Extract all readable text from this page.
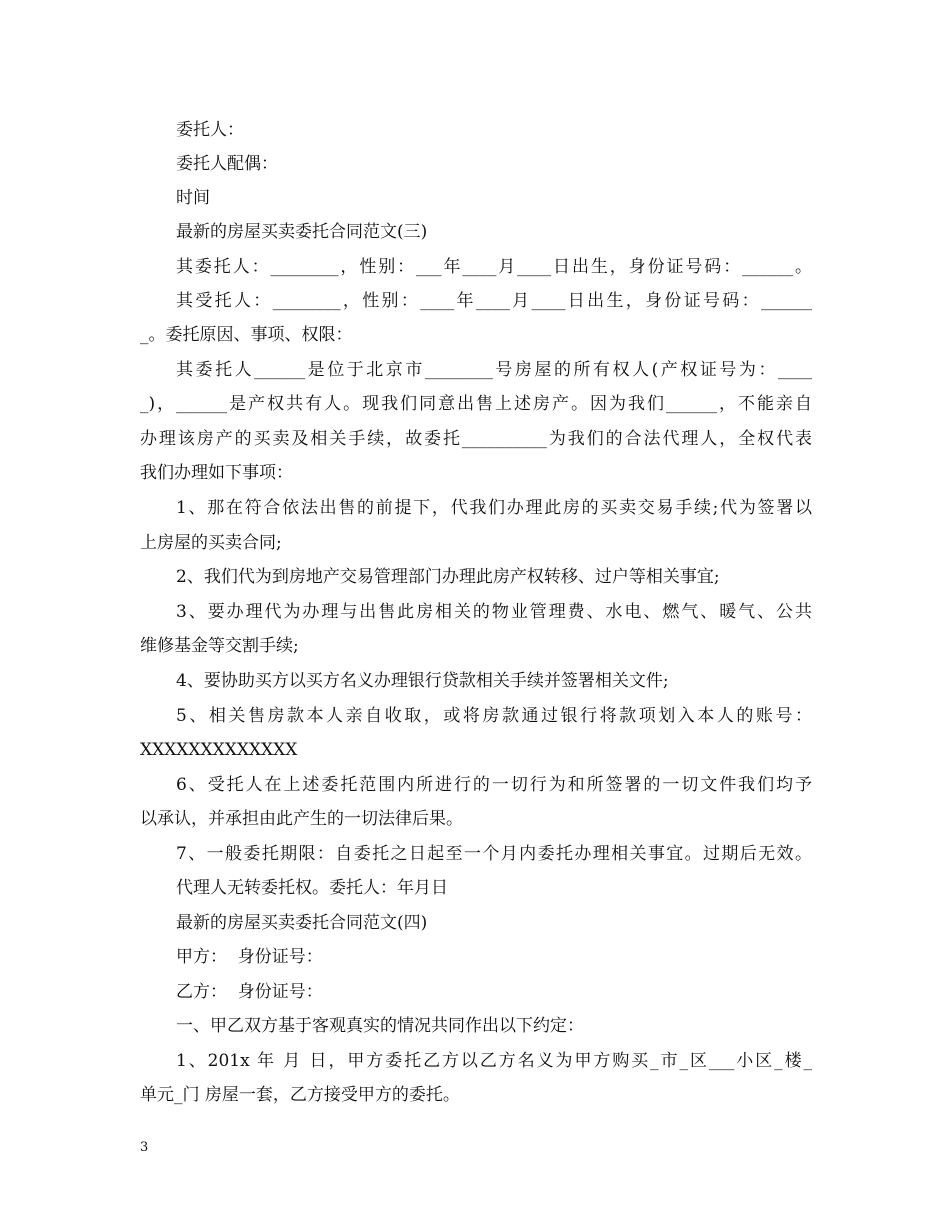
委托人：
委托人配偶：
时间
最新的房屋买卖委托合同范文(三)
其委托人：________，性别：___年____月____日出生，身份证号码：______。
其受托人：________，性别：____年____月____日出生，身份证号码：______
_。委托原因、事项、权限：
其委托人______是位于北京市________号房屋的所有权人(产权证号为：____
_)，______是产权共有人。现我们同意出售上述房产。因为我们______，不能亲自
办理该房产的买卖及相关手续，故委托__________为我们的合法代理人，全权代表
我们办理如下事项：
1、那在符合依法出售的前提下，代我们办理此房的买卖交易手续;代为签署以
上房屋的买卖合同;
2、我们代为到房地产交易管理部门办理此房产权转移、过户等相关事宜;
3、要办理代为办理与出售此房相关的物业管理费、水电、燃气、暖气、公共
维修基金等交割手续;
4、要协助买方以买方名义办理银行贷款相关手续并签署相关文件;
5、相关售房款本人亲自收取，或将房款通过银行将款项划入本人的账号：
XXXXXXXXXXXXX
6、受托人在上述委托范围内所进行的一切行为和所签署的一切文件我们均予
以承认，并承担由此产生的一切法律后果。
7、一般委托期限：自委托之日起至一个月内委托办理相关事宜。过期后无效。
代理人无转委托权。委托人：年月日
最新的房屋买卖委托合同范文(四)
甲方：  身份证号：
乙方：  身份证号：
一、甲乙双方基于客观真实的情况共同作出以下约定：
1、201x 年 月 日，甲方委托乙方以乙方名义为甲方购买_市_区___小区_楼_
单元_门 房屋一套，乙方接受甲方的委托。
3
